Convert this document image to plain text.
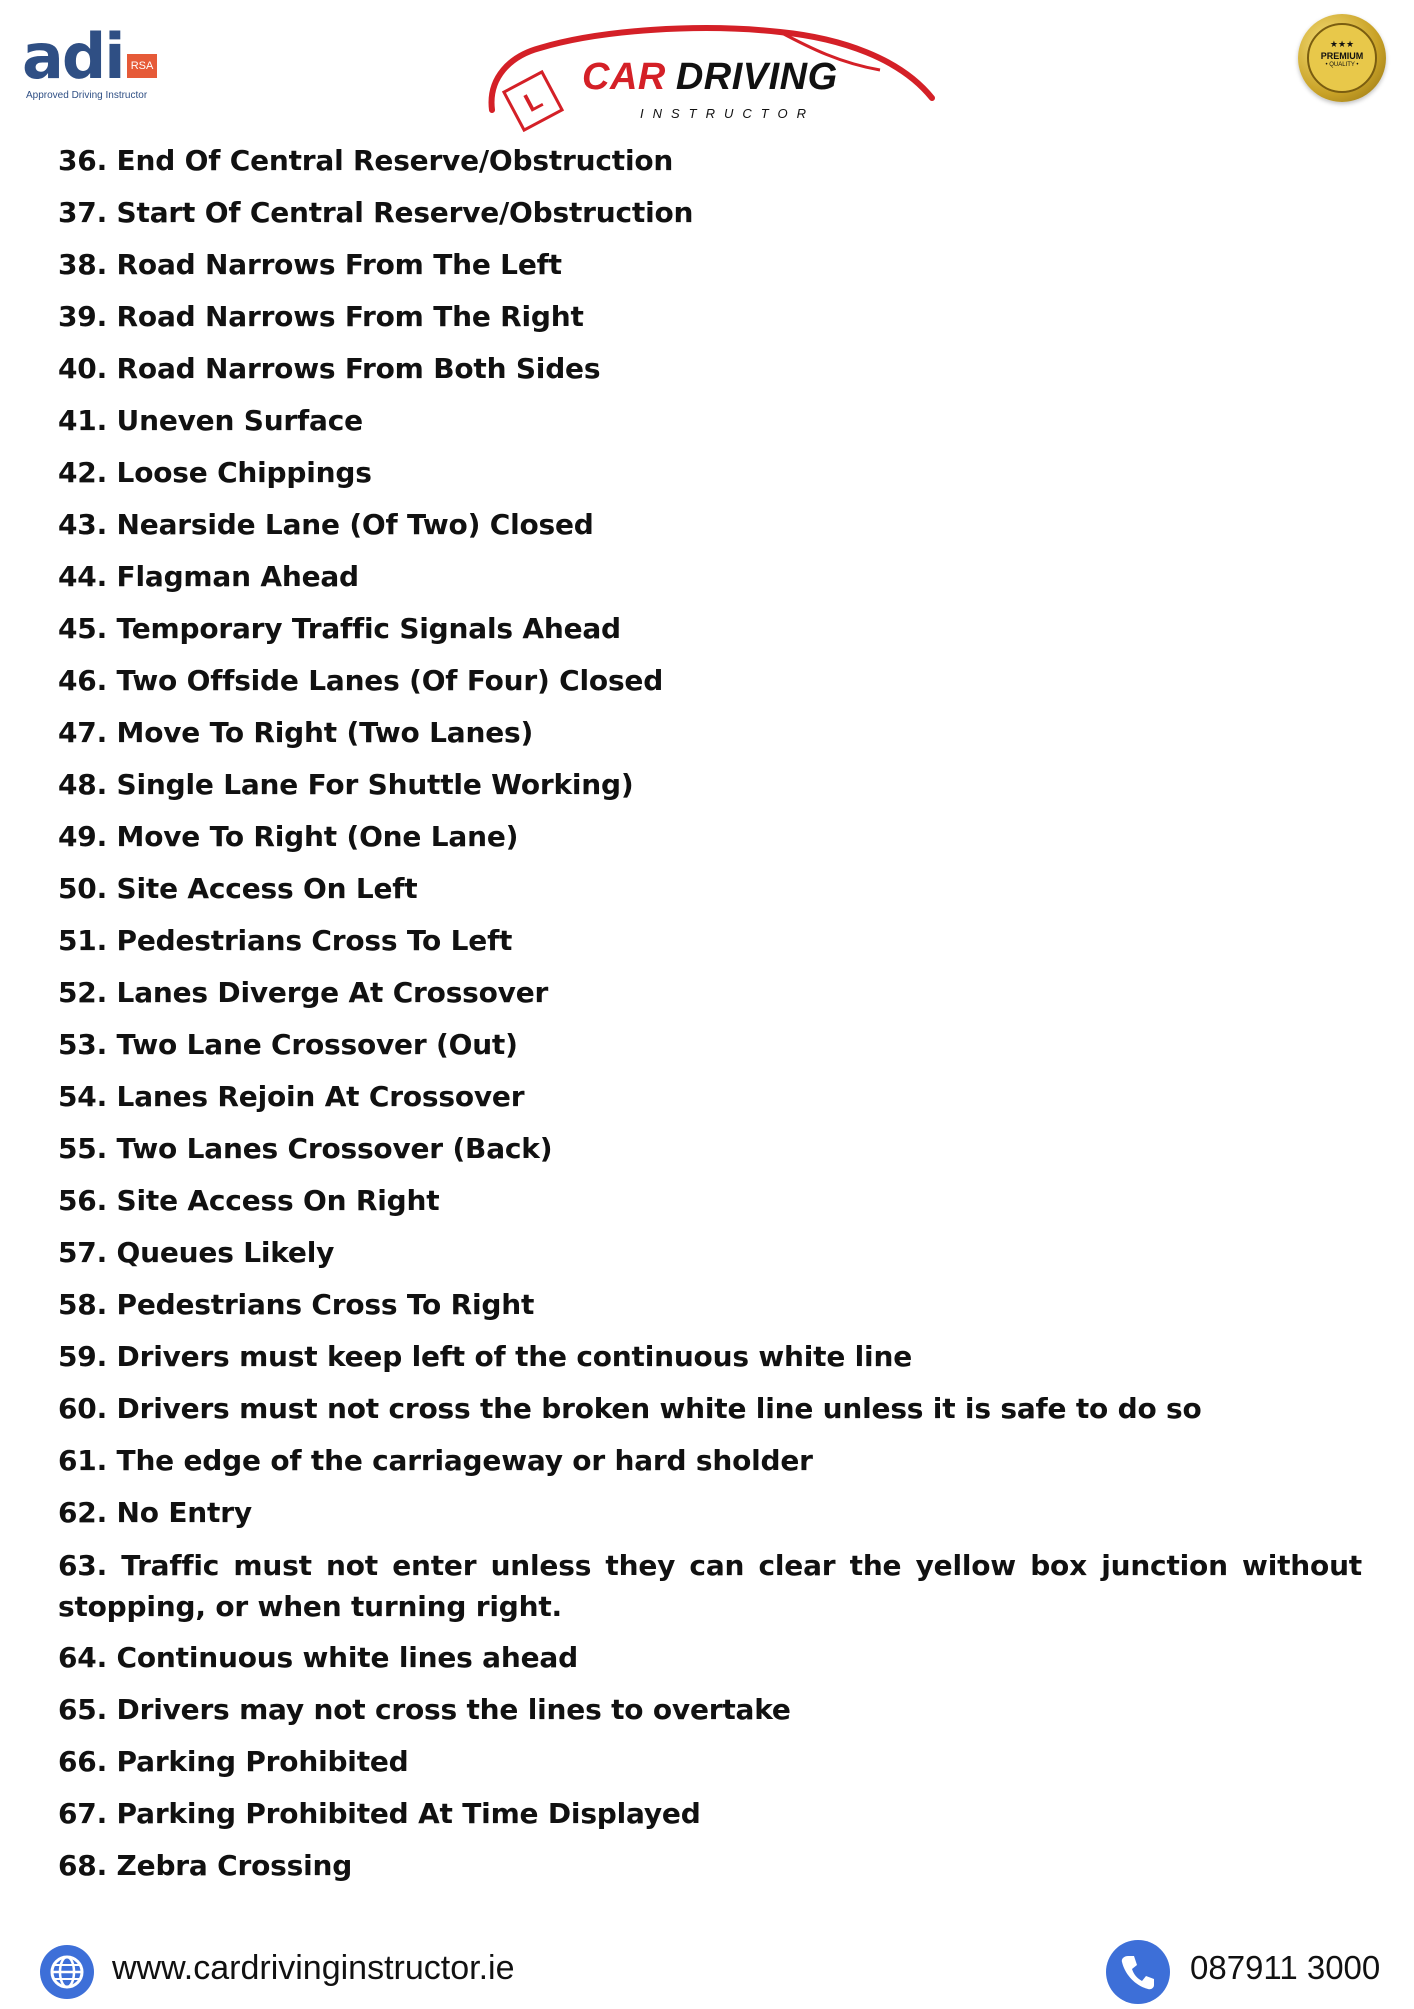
adi RSA
Approved Driving Instructor	L
CAR DRIVING
INSTRUCTOR
★★★
PREMIUM
• QUALITY •
36. End Of Central Reserve/Obstruction
37. Start Of Central Reserve/Obstruction
38. Road Narrows From The Left
39. Road Narrows From The Right
40. Road Narrows From Both Sides
41. Uneven Surface
42. Loose Chippings
43. Nearside Lane (Of Two) Closed
44. Flagman Ahead
45. Temporary Traffic Signals Ahead
46. Two Offside Lanes (Of Four) Closed
47. Move To Right (Two Lanes)
48. Single Lane For Shuttle Working)
49. Move To Right (One Lane)
50. Site Access On Left
51. Pedestrians Cross To Left
52. Lanes Diverge At Crossover
53. Two Lane Crossover (Out)
54. Lanes Rejoin At Crossover
55. Two Lanes Crossover (Back)
56. Site Access On Right
57. Queues Likely
58. Pedestrians Cross To Right
59. Drivers must keep left of the continuous white line
60. Drivers must not cross the broken white line unless it is safe to do so
61. The edge of the carriageway or hard sholder
62. No Entry
63. Traffic must not enter unless they can clear the yellow box junction without stopping, or when turning right.
64. Continuous white lines ahead
65. Drivers may not cross the lines to overtake
66. Parking Prohibited
67. Parking Prohibited At Time Displayed
68. Zebra Crossing
www.cardrivinginstructor.ie	087911 3000
